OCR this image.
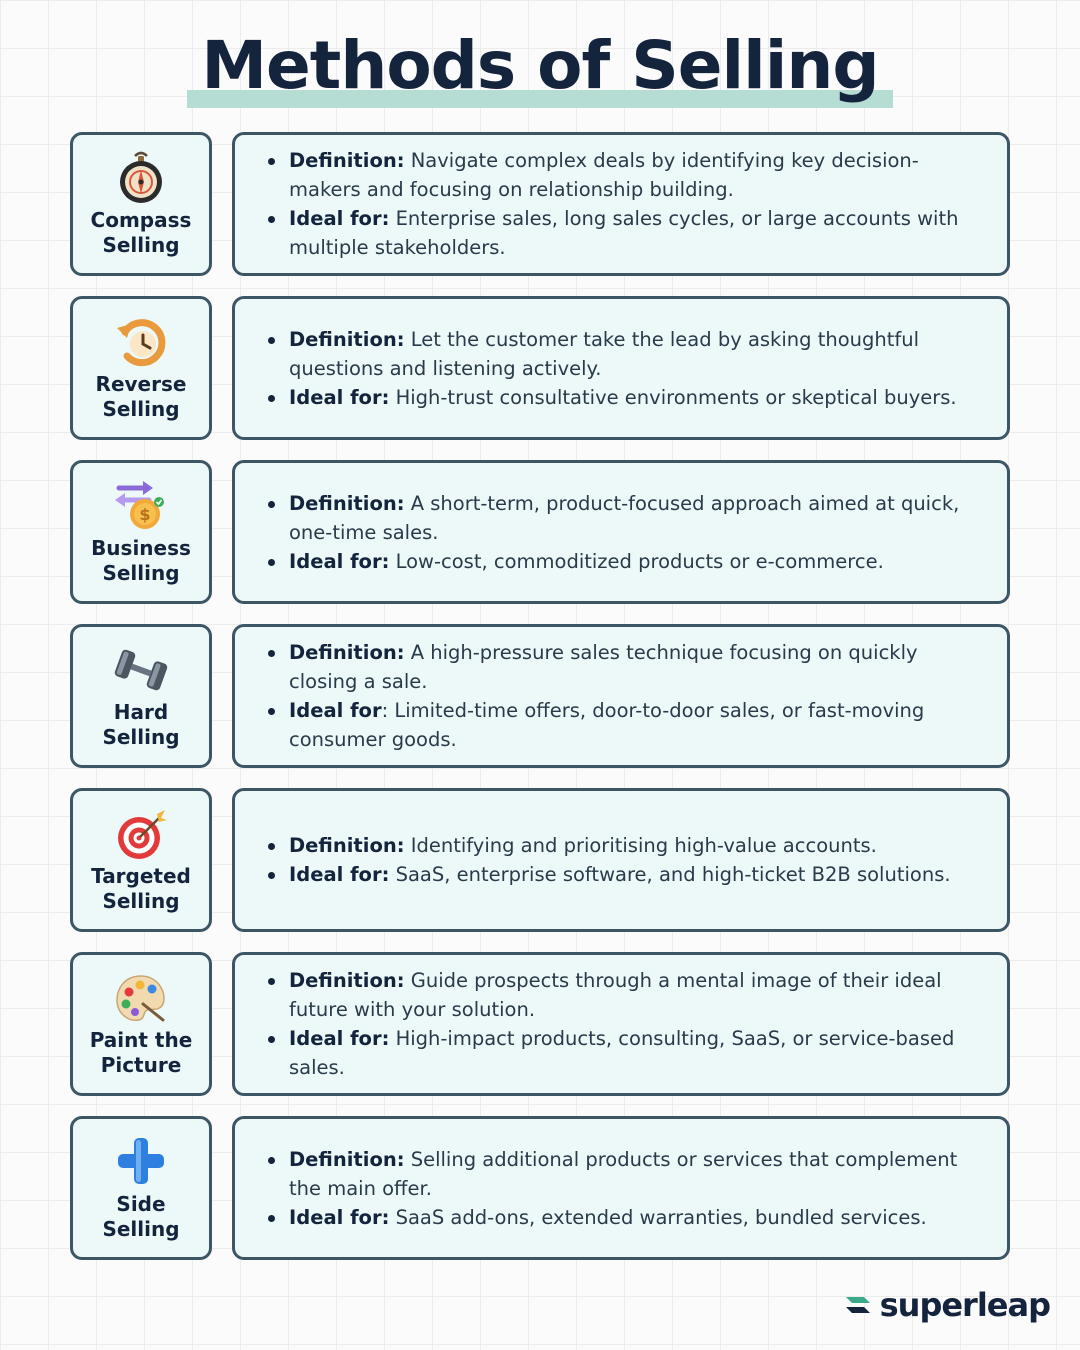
Methods of Selling
Compass
Selling
Definition: Navigate complex deals by identifying key decision-makers and focusing on relationship building.
Ideal for: Enterprise sales, long sales cycles, or large accounts with multiple stakeholders.
Reverse
Selling
Definition: Let the customer take the lead by asking thoughtful questions and listening actively.
Ideal for: High-trust consultative environments or skeptical buyers.
$
Business
Selling
Definition: A short-term, product-focused approach aimed at quick, one-time sales.
Ideal for: Low-cost, commoditized products or e-commerce.
Hard
Selling
Definition: A high-pressure sales technique focusing on quickly closing a sale.
Ideal for: Limited-time offers, door-to-door sales, or fast-moving consumer goods.
Targeted
Selling
Definition: Identifying and prioritising high-value accounts.
Ideal for: SaaS, enterprise software, and high-ticket B2B solutions.
Paint the
Picture
Definition: Guide prospects through a mental image of their ideal future with your solution.
Ideal for: High-impact products, consulting, SaaS, or service-based sales.
Side
Selling
Definition: Selling additional products or services that complement the main offer.
Ideal for: SaaS add-ons, extended warranties, bundled services.
superleap
